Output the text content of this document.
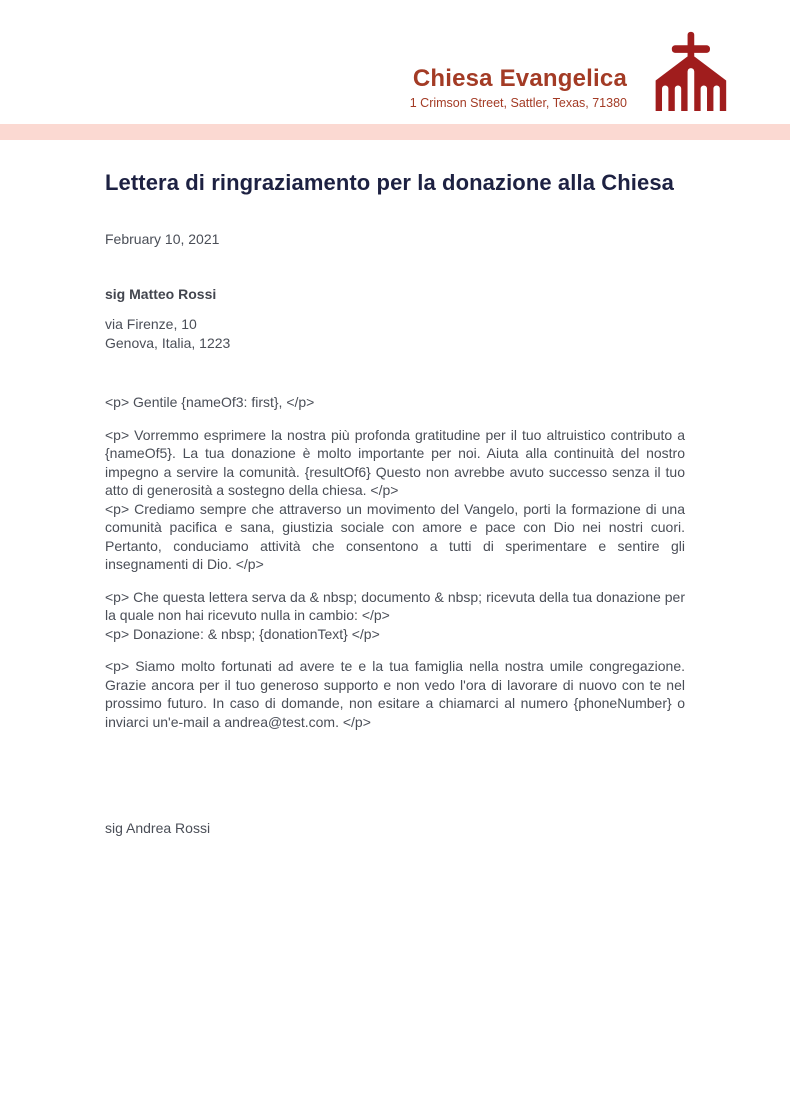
Chiesa Evangelica
1 Crimson Street, Sattler, Texas, 71380
Lettera di ringraziamento per la donazione alla Chiesa
February 10, 2021
sig Matteo Rossi
via Firenze, 10
Genova, Italia, 1223

<p> Gentile {nameOf3: first}, </p>

<p> Vorremmo esprimere la nostra più profonda gratitudine per il tuo altruistico contributo a {nameOf5}. La tua donazione è molto importante per noi. Aiuta alla continuità del nostro impegno a servire la comunità. {resultOf6} Questo non avrebbe avuto successo senza il tuo atto di generosità a sostegno della chiesa. </p>

<p> Crediamo sempre che attraverso un movimento del Vangelo, porti la formazione di una comunità pacifica e sana, giustizia sociale con amore e pace con Dio nei nostri cuori. Pertanto, conduciamo attività che consentono a tutti di sperimentare e sentire gli insegnamenti di Dio. </p>

<p> Che questa lettera serva da & nbsp; documento & nbsp; ricevuta della tua donazione per la quale non hai ricevuto nulla in cambio: </p>

<p> Donazione: & nbsp; {donationText} </p>

<p> Siamo molto fortunati ad avere te e la tua famiglia nella nostra umile congregazione. Grazie ancora per il tuo generoso supporto e non vedo l'ora di lavorare di nuovo con te nel prossimo futuro. In caso di domande, non esitare a chiamarci al numero {phoneNumber} o inviarci un'e-mail a andrea@test.com. </p>

sig Andrea Rossi
